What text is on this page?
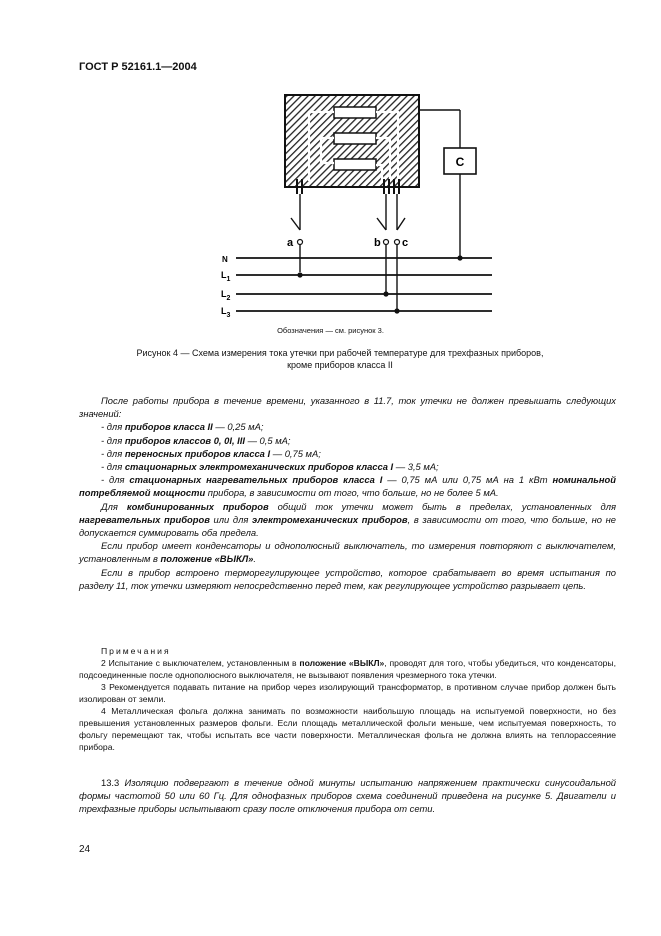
ГОСТ Р 52161.1—2004
a	b c
C
N
$L_1$
$L_2$
$L_3$
Обозначения — см. рисунок 3.
Рисунок 4 — Схема измерения тока утечки при рабочей температуре для трехфазных приборов,
кроме приборов класса II

После работы прибора в течение времени, указанного в 11.7, ток утечки не должен превышать следующих значений:

- для приборов класса II — 0,25 мА;

- для приборов классов 0, 0I, III — 0,5 мА;

- для переносных приборов класса I — 0,75 мА;

- для стационарных электромеханических приборов класса I — 3,5 мА;

- для стационарных нагревательных приборов класса I — 0,75 мА или 0,75 мА на 1 кВт номинальной потребляемой мощности прибора, в зависимости от того, что больше, но не более 5 мА.

Для комбинированных приборов общий ток утечки может быть в пределах, установленных для нагревательных приборов или для электромеханических приборов, в зависимости от того, что больше, но не допускается суммировать оба предела.

Если прибор имеет конденсаторы и однополюсный выключатель, то измерения повторяют с выключателем, установленным в положение «ВЫКЛ».

Если в прибор встроено терморегулирующее устройство, которое срабатывает во время испытания по разделу 11, ток утечки измеряют непосредственно перед тем, как регулирующее устройство разрывает цепь.

Примечания

2 Испытание с выключателем, установленным в положение «ВЫКЛ», проводят для того, чтобы убедиться, что конденсаторы, подсоединенные после однополюсного выключателя, не вызывают появления чрезмерного тока утечки.

3 Рекомендуется подавать питание на прибор через изолирующий трансформатор, в противном случае прибор должен быть изолирован от земли.

4 Металлическая фольга должна занимать по возможности наибольшую площадь на испытуемой поверхности, но без превышения установленных размеров фольги. Если площадь металлической фольги меньше, чем испытуемая поверхность, то фольгу перемещают так, чтобы испытать все части поверхности. Металлическая фольга не должна влиять на теплорассеяние прибора.

13.3 Изоляцию подвергают в течение одной минуты испытанию напряжением практически синусоидальной формы частотой 50 или 60 Гц. Для однофазных приборов схема соединений приведена на рисунке 5. Двигатели и трехфазные приборы испытывают сразу после отключения прибора от сети.

24
